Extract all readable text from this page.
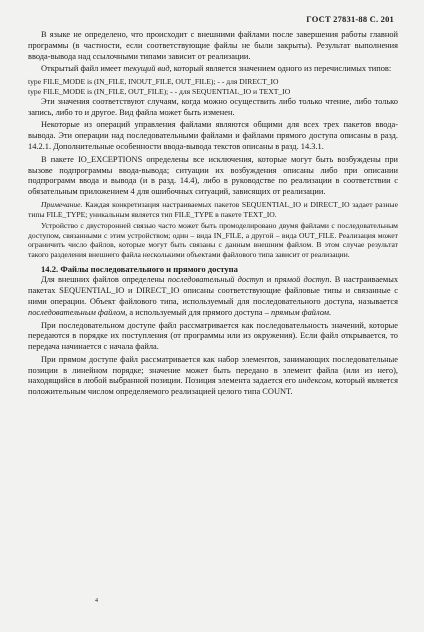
ГОСТ 27831-88 С. 201

В языке не определено, что происходит с внешними файлами после завершения работы главной программы (в частности, если соответствующие файлы не были закрыты). Результат выполнения ввода-вывода над ссылочными типами зависит от реализации.

Открытый файл имеет текущий вид, который является значением одного из перечислимых типов:

type FILE_MODE is (IN_FILE, INOUT_FILE, OUT_FILE); - - для DIRECT_IO

type FILE_MODE is (IN_FILE, OUT_FILE); - - для SEQUENTIAL_IO и TEXT_IO

Эти значения соответствуют случаям, когда можно осуществить либо только чтение, либо только запись, либо то и другое. Вид файла может быть изменен.

Некоторые из операций управления файлами являются общими для всех трех пакетов ввода-вывода. Эти операции над последовательными файлами и файлами прямого доступа описаны в разд. 14.2.1. Дополнительные особенности ввода-вывода текстов описаны в разд. 14.3.1.

В пакете IO_EXCEPTIONS определены все исключения, которые могут быть возбуждены при вызове подпрограммы ввода-вывода; ситуации их возбуждения описаны либо при описании подпрограмм ввода и вывода (и в разд. 14.4), либо в руководстве по реализации в соответствии с обязательным приложением 4 для ошибочных ситуаций, зависящих от реализации.

Примечание. Каждая конкретизация настраиваемых пакетов SEQUENTIAL_IO и DIRECT_IO задает разные типы FILE_TYPE; уникальным является тип FILE_TYPE в пакете TEXT_IO.

Устройство с двусторонней связью часто может быть промоделировано двумя файлами с последовательным доступом, связанными с этим устройством; один – вида IN_FILE, а другой – вида OUT_FILE. Реализация может ограничить число файлов, которые могут быть связаны с данным внешним файлом. В этом случае результат такого разделения внешнего файла несколькими объектами файлового типа зависит от реализации.

14.2. Файлы последовательного и прямого доступа

Для внешних файлов определены последовательный доступ и прямой доступ. В настраиваемых пакетах SEQUENTIAL_IO и DIRECT_IO описаны соответствующие файловые типы и связанные с ними операции. Объект файлового типа, используемый для последовательного доступа, называется последовательным файлом, а используемый для прямого доступа – прямым файлом.

При последовательном доступе файл рассматривается как последовательность значений, которые передаются в порядке их поступления (от программы или из окружения). Если файл открывается, то передача начинается с начала файла.

При прямом доступе файл рассматривается как набор элементов, занимающих последовательные позиции в линейном порядке; значение может быть передано в элемент файла (или из него), находящийся в любой выбранной позиции. Позиция элемента задается его индексом, который является положительным числом определяемого реализацией целого типа COUNT.

4
